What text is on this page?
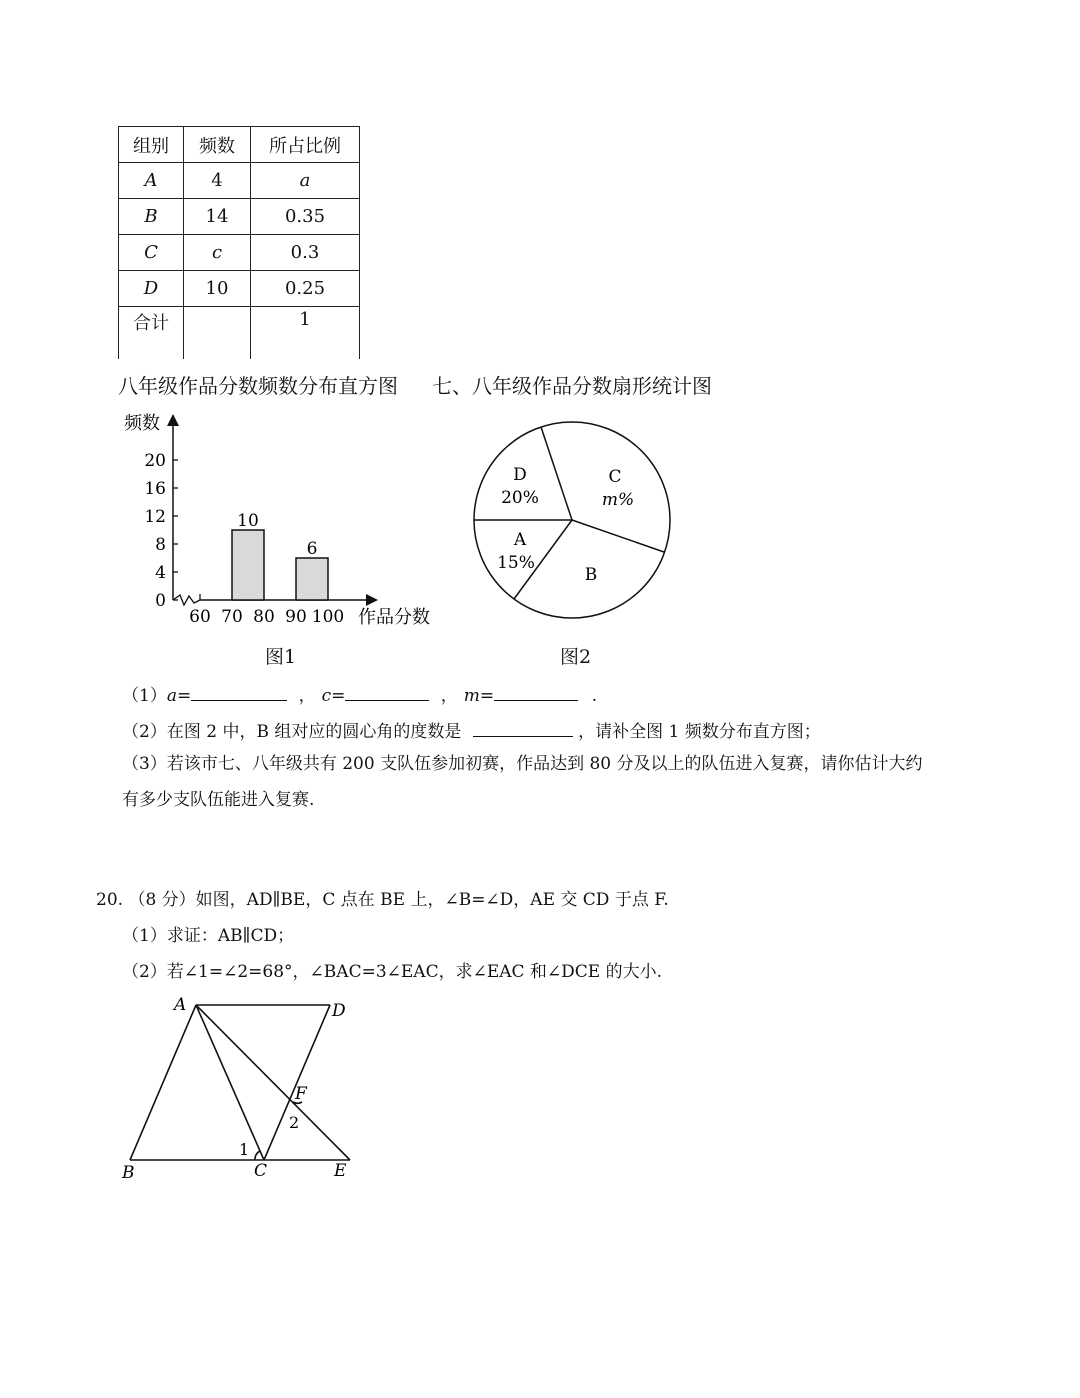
组别	频数	所占比例
A	4	a
B	14	0.35
C	c	0.3
D	10	0.25
合计		1
八年级作品分数频数分布直方图 七、八年级作品分数扇形统计图
频数
0
4
8
12
16
20
60 70 80 90 100
10
6
作品分数
D
20%
C
m%
A
15%
B
图1	图2
（1）a=	， c=	， m=	.
（2）在图 2 中，B 组对应的圆心角的度数是	，请补全图 1 频数分布直方图；
（3）若该市七、八年级共有 200 支队伍参加初赛，作品达到 80 分及以上的队伍进入复赛，请你估计大约
有多少支队伍能进入复赛.
20. （8 分）如图，AD∥BE，C 点在 BE 上，∠B=∠D，AE 交 CD 于点 F.
（1）求证：AB∥CD；
（2）若∠1=∠2=68°，∠BAC=3∠EAC，求∠EAC 和∠DCE 的大小.
A	D
B	C	E
F
1
2
